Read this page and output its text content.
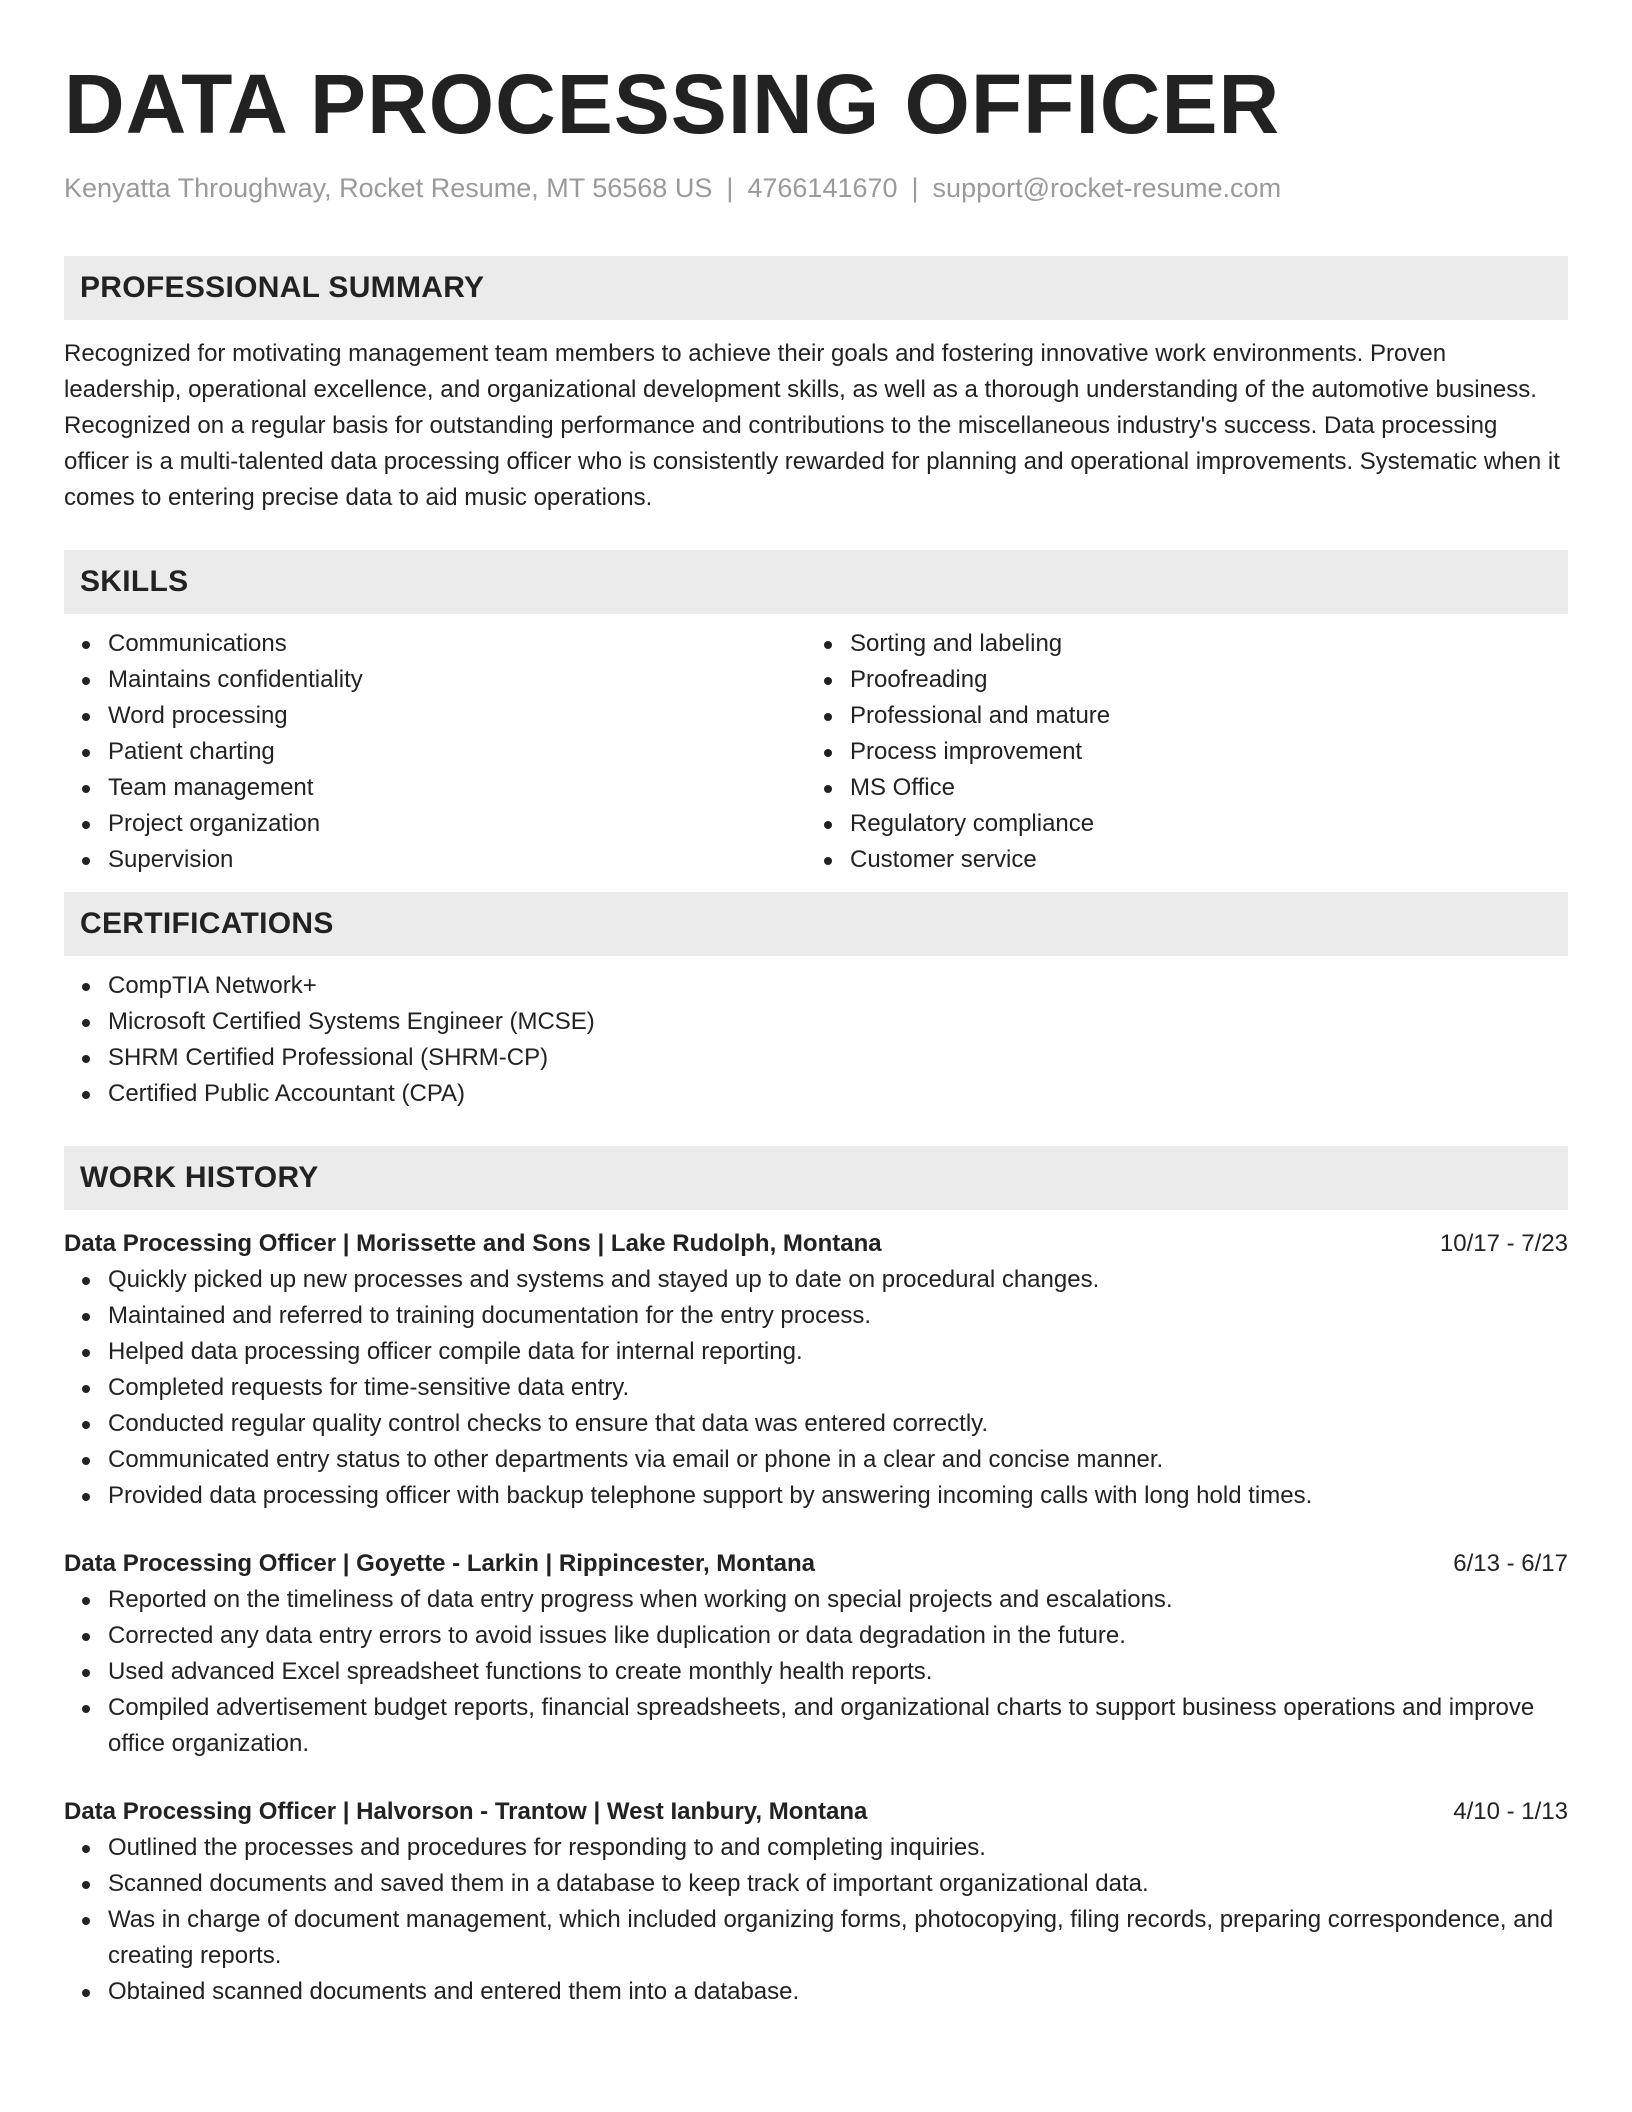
DATA PROCESSING OFFICER
Kenyatta Throughway, Rocket Resume, MT 56568 US | 4766141670 | support@rocket-resume.com
PROFESSIONAL SUMMARY

Recognized for motivating management team members to achieve their goals and fostering innovative work environments. Proven leadership, operational excellence, and organizational development skills, as well as a thorough understanding of the automotive business. Recognized on a regular basis for outstanding performance and contributions to the miscellaneous industry's success. Data processing officer is a multi-talented data processing officer who is consistently rewarded for planning and operational improvements. Systematic when it comes to entering precise data to aid music operations.

SKILLS
Communications
Maintains confidentiality
Word processing
Patient charting
Team management
Project organization
Supervision
Sorting and labeling
Proofreading
Professional and mature
Process improvement
MS Office
Regulatory compliance
Customer service
CERTIFICATIONS
CompTIA Network+
Microsoft Certified Systems Engineer (MCSE)
SHRM Certified Professional (SHRM-CP)
Certified Public Accountant (CPA)
WORK HISTORY
Data Processing Officer | Morissette and Sons | Lake Rudolph, Montana	10/17 - 7/23
Quickly picked up new processes and systems and stayed up to date on procedural changes.
Maintained and referred to training documentation for the entry process.
Helped data processing officer compile data for internal reporting.
Completed requests for time-sensitive data entry.
Conducted regular quality control checks to ensure that data was entered correctly.
Communicated entry status to other departments via email or phone in a clear and concise manner.
Provided data processing officer with backup telephone support by answering incoming calls with long hold times.
Data Processing Officer | Goyette - Larkin | Rippincester, Montana	6/13 - 6/17
Reported on the timeliness of data entry progress when working on special projects and escalations.
Corrected any data entry errors to avoid issues like duplication or data degradation in the future.
Used advanced Excel spreadsheet functions to create monthly health reports.
Compiled advertisement budget reports, financial spreadsheets, and organizational charts to support business operations and improve office organization.
Data Processing Officer | Halvorson - Trantow | West Ianbury, Montana	4/10 - 1/13
Outlined the processes and procedures for responding to and completing inquiries.
Scanned documents and saved them in a database to keep track of important organizational data.
Was in charge of document management, which included organizing forms, photocopying, filing records, preparing correspondence, and creating reports.
Obtained scanned documents and entered them into a database.
